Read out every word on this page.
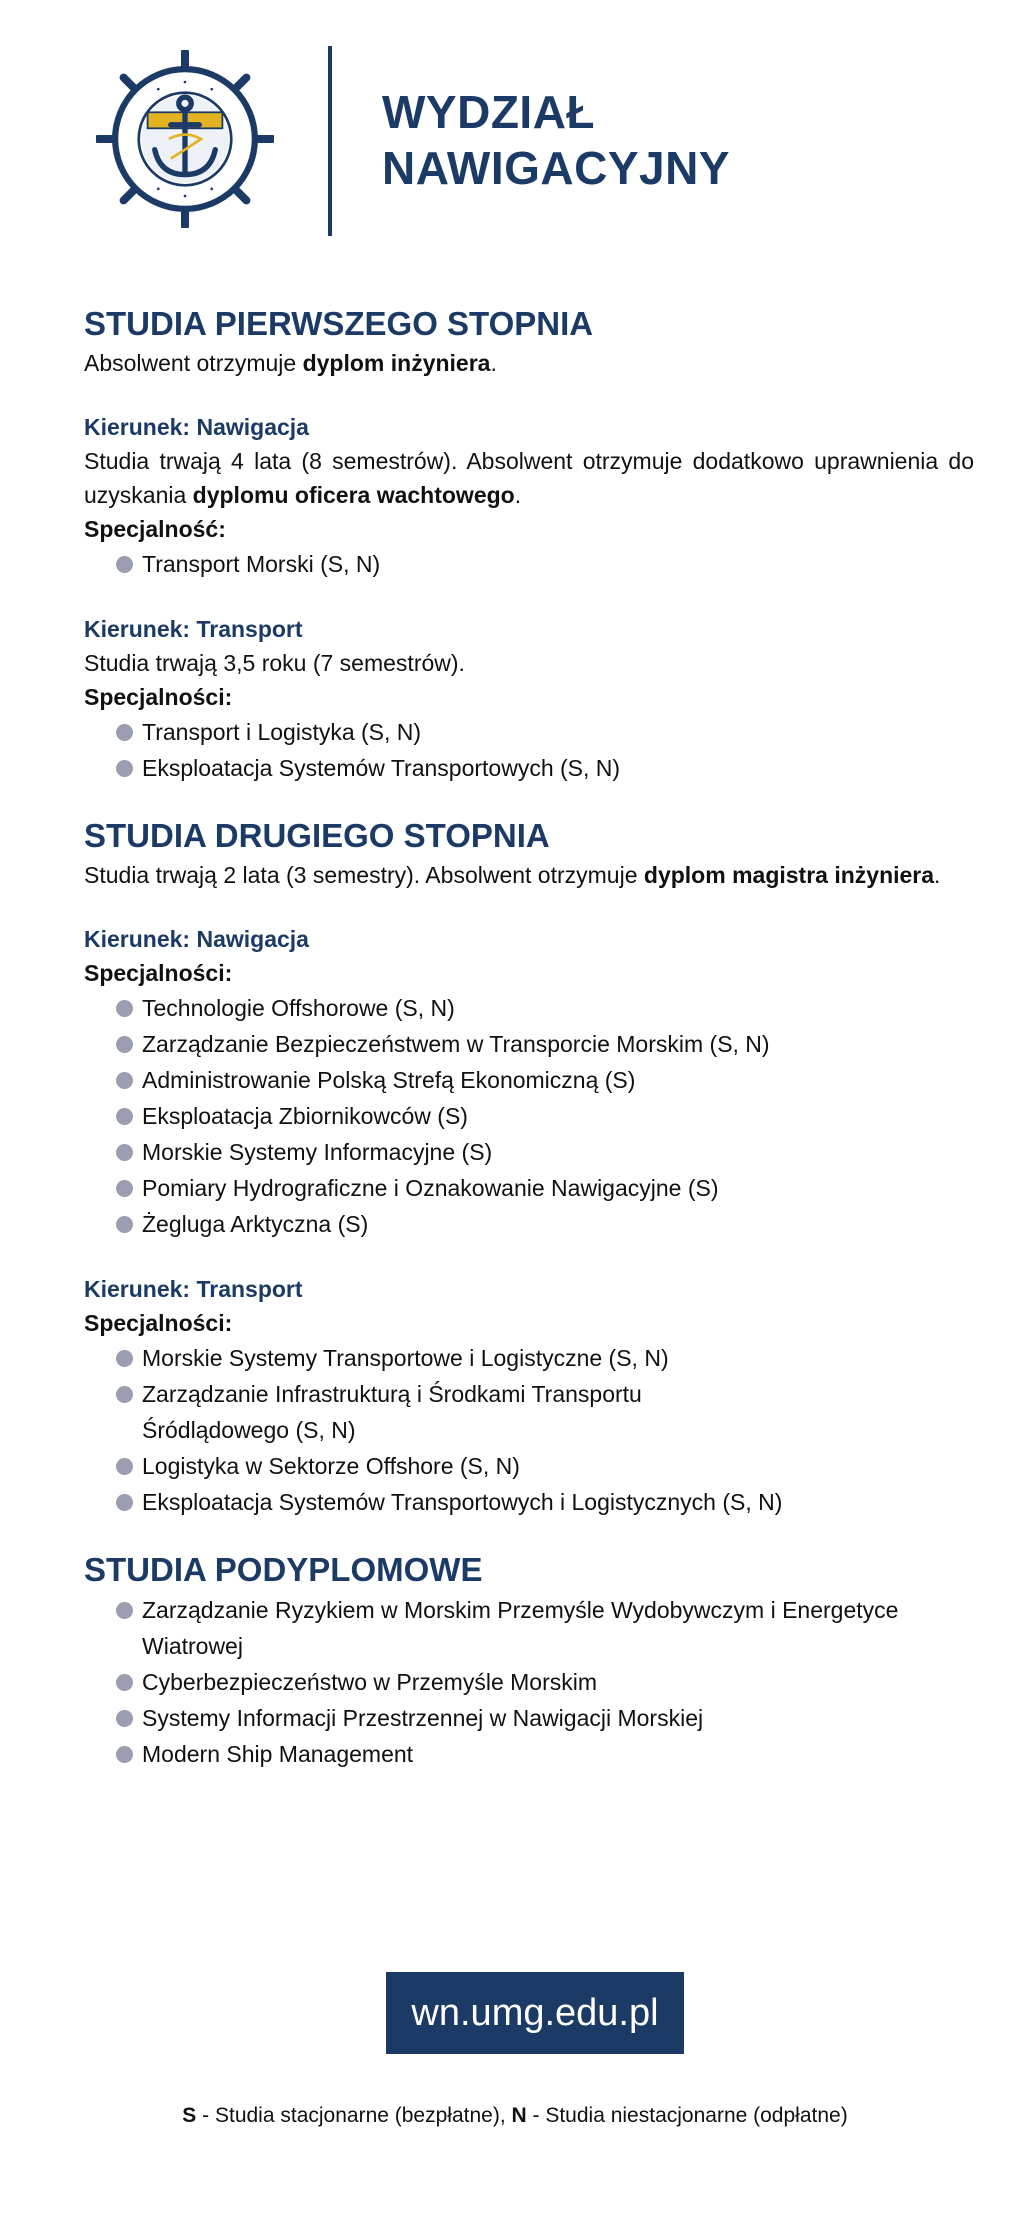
WYDZIAŁ
NAWIGACYJNY
STUDIA PIERWSZEGO STOPNIA

Absolwent otrzymuje dyplom inżyniera.

Kierunek: Nawigacja

Studia trwają 4 lata (8 semestrów). Absolwent otrzymuje dodatkowo uprawnienia do uzyskania dyplomu oficera wachtowego.

Specjalność:

Transport Morski (S, N)
Kierunek: Transport

Studia trwają 3,5 roku (7 semestrów).

Specjalności:

Transport i Logistyka (S, N)
Eksploatacja Systemów Transportowych (S, N)
STUDIA DRUGIEGO STOPNIA

Studia trwają 2 lata (3 semestry). Absolwent otrzymuje dyplom magistra inżyniera.

Kierunek: Nawigacja

Specjalności:

Technologie Offshorowe (S, N)
Zarządzanie Bezpieczeństwem w Transporcie Morskim (S, N)
Administrowanie Polską Strefą Ekonomiczną (S)
Eksploatacja Zbiornikowców (S)
Morskie Systemy Informacyjne (S)
Pomiary Hydrograficzne i Oznakowanie Nawigacyjne (S)
Żegluga Arktyczna (S)
Kierunek: Transport

Specjalności:

Morskie Systemy Transportowe i Logistyczne (S, N)
Zarządzanie Infrastrukturą i Środkami Transportu Śródlądowego (S, N)
Logistyka w Sektorze Offshore (S, N)
Eksploatacja Systemów Transportowych i Logistycznych (S, N)
STUDIA PODYPLOMOWE
Zarządzanie Ryzykiem w Morskim Przemyśle Wydobywczym i Energetyce Wiatrowej
Cyberbezpieczeństwo w Przemyśle Morskim
Systemy Informacji Przestrzennej w Nawigacji Morskiej
Modern Ship Management
wn.umg.edu.pl
S - Studia stacjonarne (bezpłatne), N - Studia niestacjonarne (odpłatne)
